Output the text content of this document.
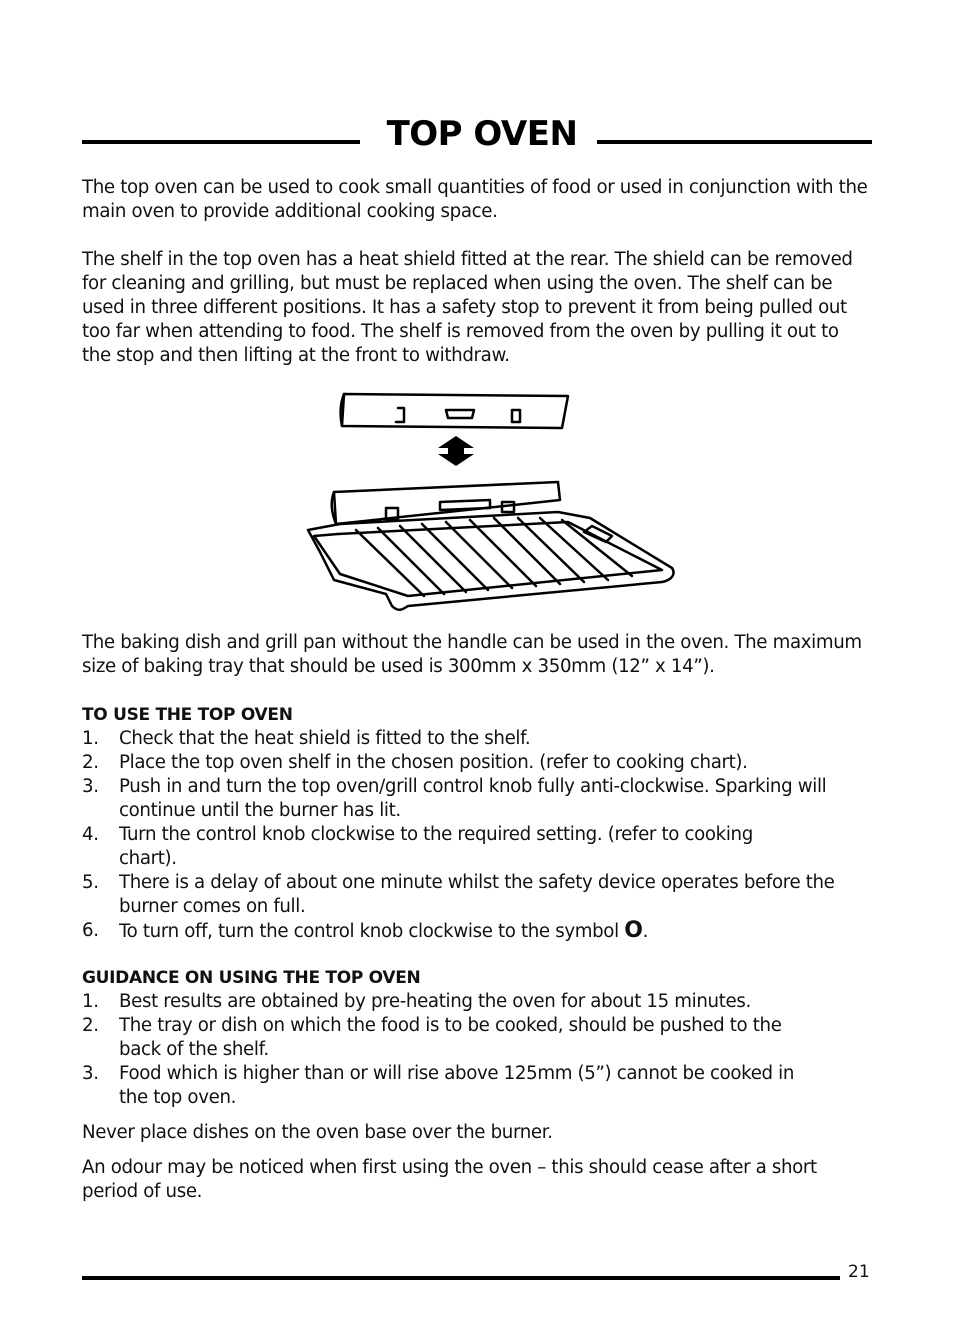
TOP OVEN

The top oven can be used to cook small quantities of food or used in conjunction with the main oven to provide additional cooking space.

The shelf in the top oven has a heat shield fitted at the rear. The shield can be removed for cleaning and grilling, but must be replaced when using the oven. The shelf can be used in three different positions. It has a safety stop to prevent it from being pulled out too far when attending to food. The shelf is removed from the oven by pulling it out to the stop and then lifting at the front to withdraw.

The baking dish and grill pan without the handle can be used in the oven. The maximum size of baking tray that should be used is 300mm x 350mm (12” x 14”).

TO USE THE TOP OVEN

1. Check that the heat shield is fitted to the shelf.
2. Place the top oven shelf in the chosen position. (refer to cooking chart).
3. Push in and turn the top oven/grill control knob fully anti-clockwise. Sparking will continue until the burner has lit.
4. Turn the control knob clockwise to the required setting. (refer to cooking chart).
5. There is a delay of about one minute whilst the safety device operates before the burner comes on full.
6. To turn off, turn the control knob clockwise to the symbol O.

GUIDANCE ON USING THE TOP OVEN

1. Best results are obtained by pre-heating the oven for about 15 minutes.
2. The tray or dish on which the food is to be cooked, should be pushed to the back of the shelf.
3. Food which is higher than or will rise above 125mm (5”) cannot be cooked in the top oven.

Never place dishes on the oven base over the burner.

An odour may be noticed when first using the oven – this should cease after a short period of use.

21
